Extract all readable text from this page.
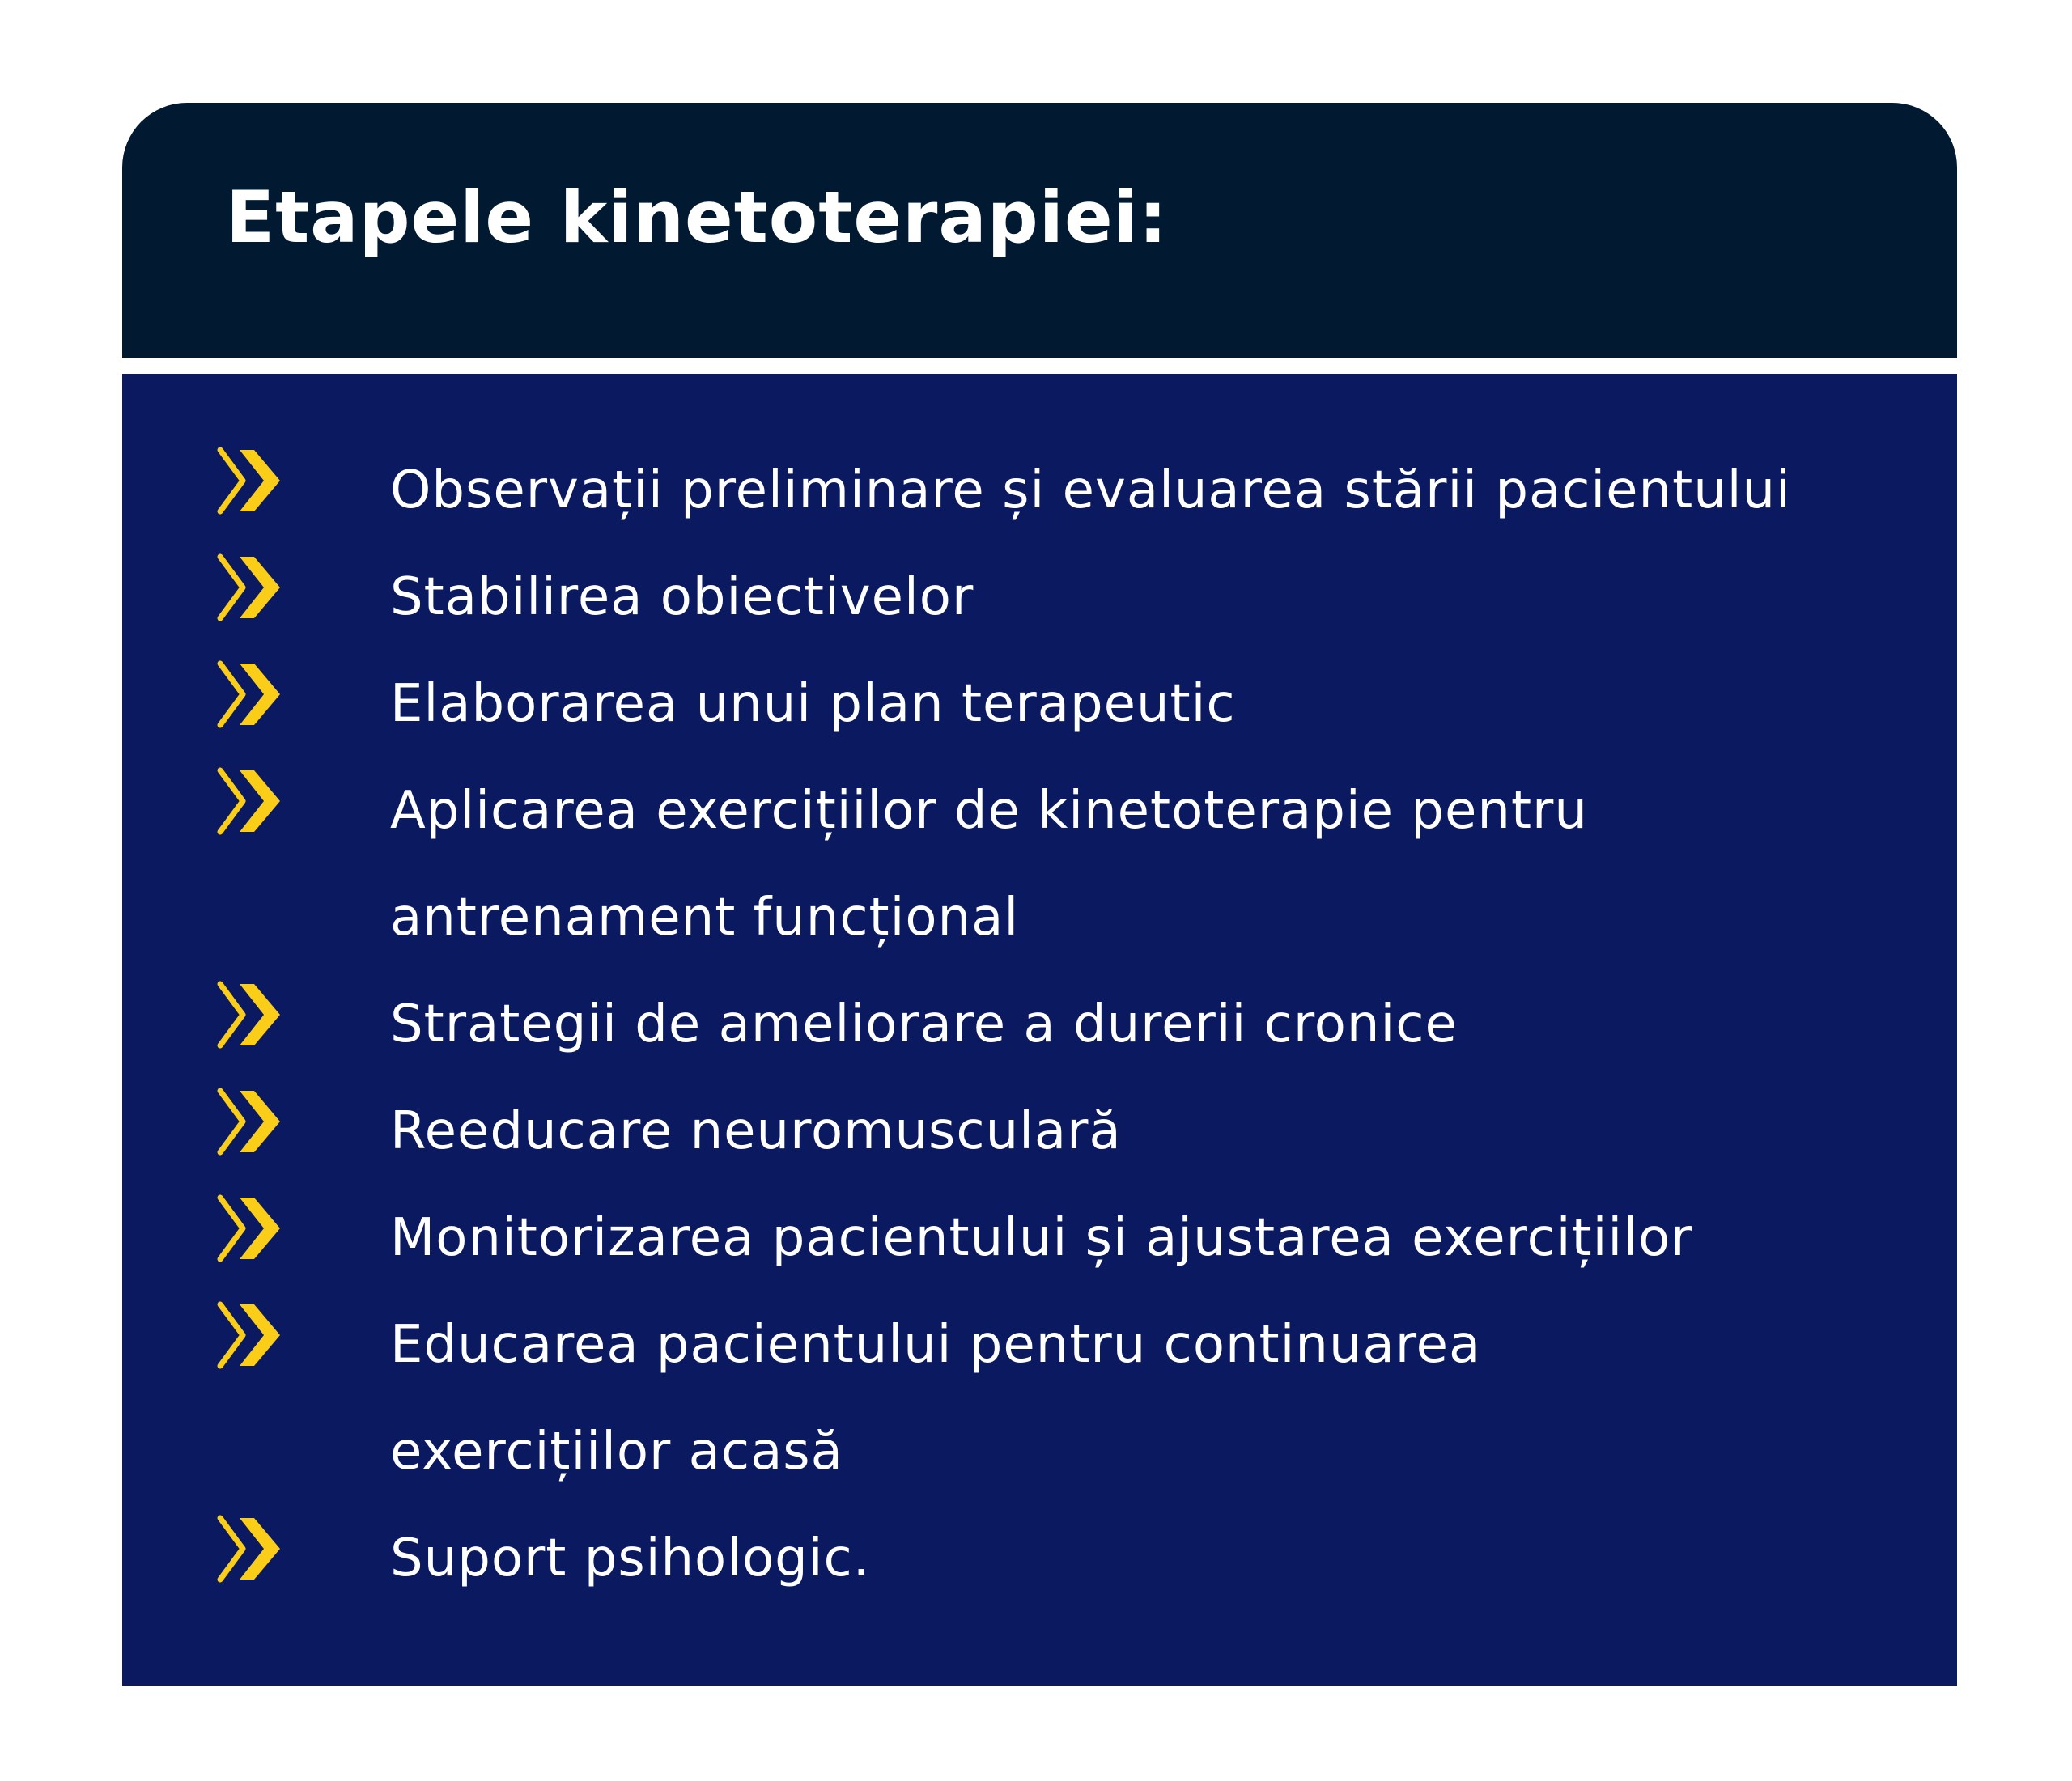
Etapele kinetoterapiei:

Observații preliminare și evaluarea stării pacientului

Stabilirea obiectivelor

Elaborarea unui plan terapeutic

Aplicarea exercițiilor de kinetoterapie pentru
antrenament funcțional

Strategii de ameliorare a durerii cronice

Reeducare neuromusculară

Monitorizarea pacientului și ajustarea exercițiilor

Educarea pacientului pentru continuarea
exercițiilor acasă

Suport psihologic.
